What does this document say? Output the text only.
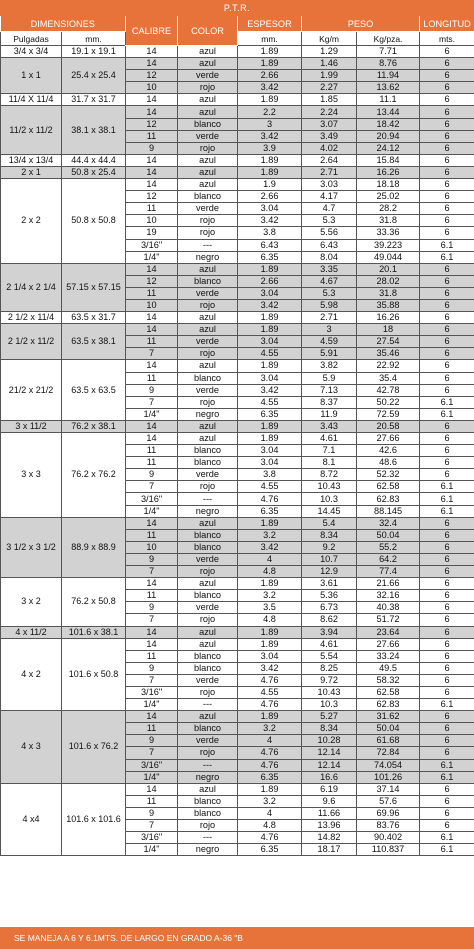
P.T.R.
DIMENSIONES		CALIBRE	COLOR	ESPESOR	PESO		LONGITUD
Pulgadas	mm.			mm.	Kg/m	Kg/pza.	mts.
3/4 x 3/4	19.1 x 19.1	14	azul	1.89	1.29	7.71	6
1 x 1	25.4 x 25.4	14	azul	1.89	1.46	8.76	6
		12	verde	2.66	1.99	11.94	6
		10	rojo	3.42	2.27	13.62	6
11/4 X 11/4	31.7 x 31.7	14	azul	1.89	1.85	11.1	6
11/2 x 11/2	38.1 x 38.1	14	azul	2.2	2.24	13.44	6
		12	blanco	3	3.07	18.42	6
		11	verde	3.42	3.49	20.94	6
		9	rojo	3.9	4.02	24.12	6
13/4 x 13/4	44.4 x 44.4	14	azul	1.89	2.64	15.84	6
2 x 1	50.8 x 25.4	14	azul	1.89	2.71	16.26	6
2 x 2	50.8 x 50.8	14	azul	1.9	3.03	18.18	6
		12	blanco	2.66	4.17	25.02	6
		11	verde	3.04	4.7	28.2	6
		10	rojo	3.42	5.3	31.8	6
		19	rojo	3.8	5.56	33.36	6
		3/16"	---	6.43	6.43	39.223	6.1
		1/4"	negro	6.35	8.04	49.044	6.1
2 1/4 x 2 1/4	57.15 x 57.15	14	azul	1.89	3.35	20.1	6
		12	blanco	2.66	4.67	28.02	6
		11	verde	3.04	5.3	31.8	6
		10	rojo	3.42	5.98	35.88	6
2 1/2 x 11/4	63.5 x 31.7	14	azul	1.89	2.71	16.26	6
2 1/2 x 11/2	63.5 x 38.1	14	azul	1.89	3	18	6
		11	verde	3.04	4.59	27.54	6
		7	rojo	4.55	5.91	35.46	6
21/2 x 21/2	63.5 x 63.5	14	azul	1.89	3.82	22.92	6
		11	blanco	3.04	5.9	35.4	6
		9	verde	3.42	7.13	42.78	6
		7	rojo	4.55	8.37	50.22	6.1
		1/4"	negro	6.35	11.9	72.59	6.1
3 x 11/2	76.2 x 38.1	14	azul	1.89	3.43	20.58	6
3 x 3	76.2 x 76.2	14	azul	1.89	4.61	27.66	6
		11	blanco	3.04	7.1	42.6	6
		11	blanco	3.04	8.1	48.6	6
		9	verde	3.8	8.72	52.32	6
		7	rojo	4.55	10.43	62.58	6.1
		3/16"	---	4.76	10.3	62.83	6.1
		1/4"	negro	6.35	14.45	88.145	6.1
3 1/2 x 3 1/2	88.9 x 88.9	14	azul	1.89	5.4	32.4	6
		11	blanco	3.2	8.34	50.04	6
		10	blanco	3.42	9.2	55.2	6
		9	verde	4	10.7	64.2	6
		7	rojo	4.8	12.9	77.4	6
3 x 2	76.2 x 50.8	14	azul	1.89	3.61	21.66	6
		11	blanco	3.2	5.36	32.16	6
		9	verde	3.5	6.73	40.38	6
		7	rojo	4.8	8.62	51.72	6
4 x 11/2	101.6 x 38.1	14	azul	1.89	3.94	23.64	6
4 x 2	101.6 x 50.8	14	azul	1.89	4.61	27.66	6
		11	blanco	3.04	5.54	33.24	6
		9	blanco	3.42	8.25	49.5	6
		7	verde	4.76	9.72	58.32	6
		3/16"	rojo	4.55	10.43	62.58	6
		1/4"	---	4.76	10.3	62.83	6.1
4 x 3	101.6 x 76.2	14	azul	1.89	5.27	31.62	6
		11	blanco	3.2	8.34	50.04	6
		9	verde	4	10.28	61.68	6
		7	rojo	4.76	12.14	72.84	6
		3/16"	---	4.76	12.14	74.054	6.1
		1/4"	negro	6.35	16.6	101.26	6.1
4 x4	101.6 x 101.6	14	azul	1.89	6.19	37.14	6
		11	blanco	3.2	9.6	57.6	6
		9	blanco	4	11.66	69.96	6
		7	rojo	4.8	13.96	83.76	6
		3/16"	---	4.76	14.82	90.402	6.1
		1/4"	negro	6.35	18.17	110.837	6.1
SE MANEJA A 6 Y 6.1MTS. DE LARGO EN GRADO A-36 "B
